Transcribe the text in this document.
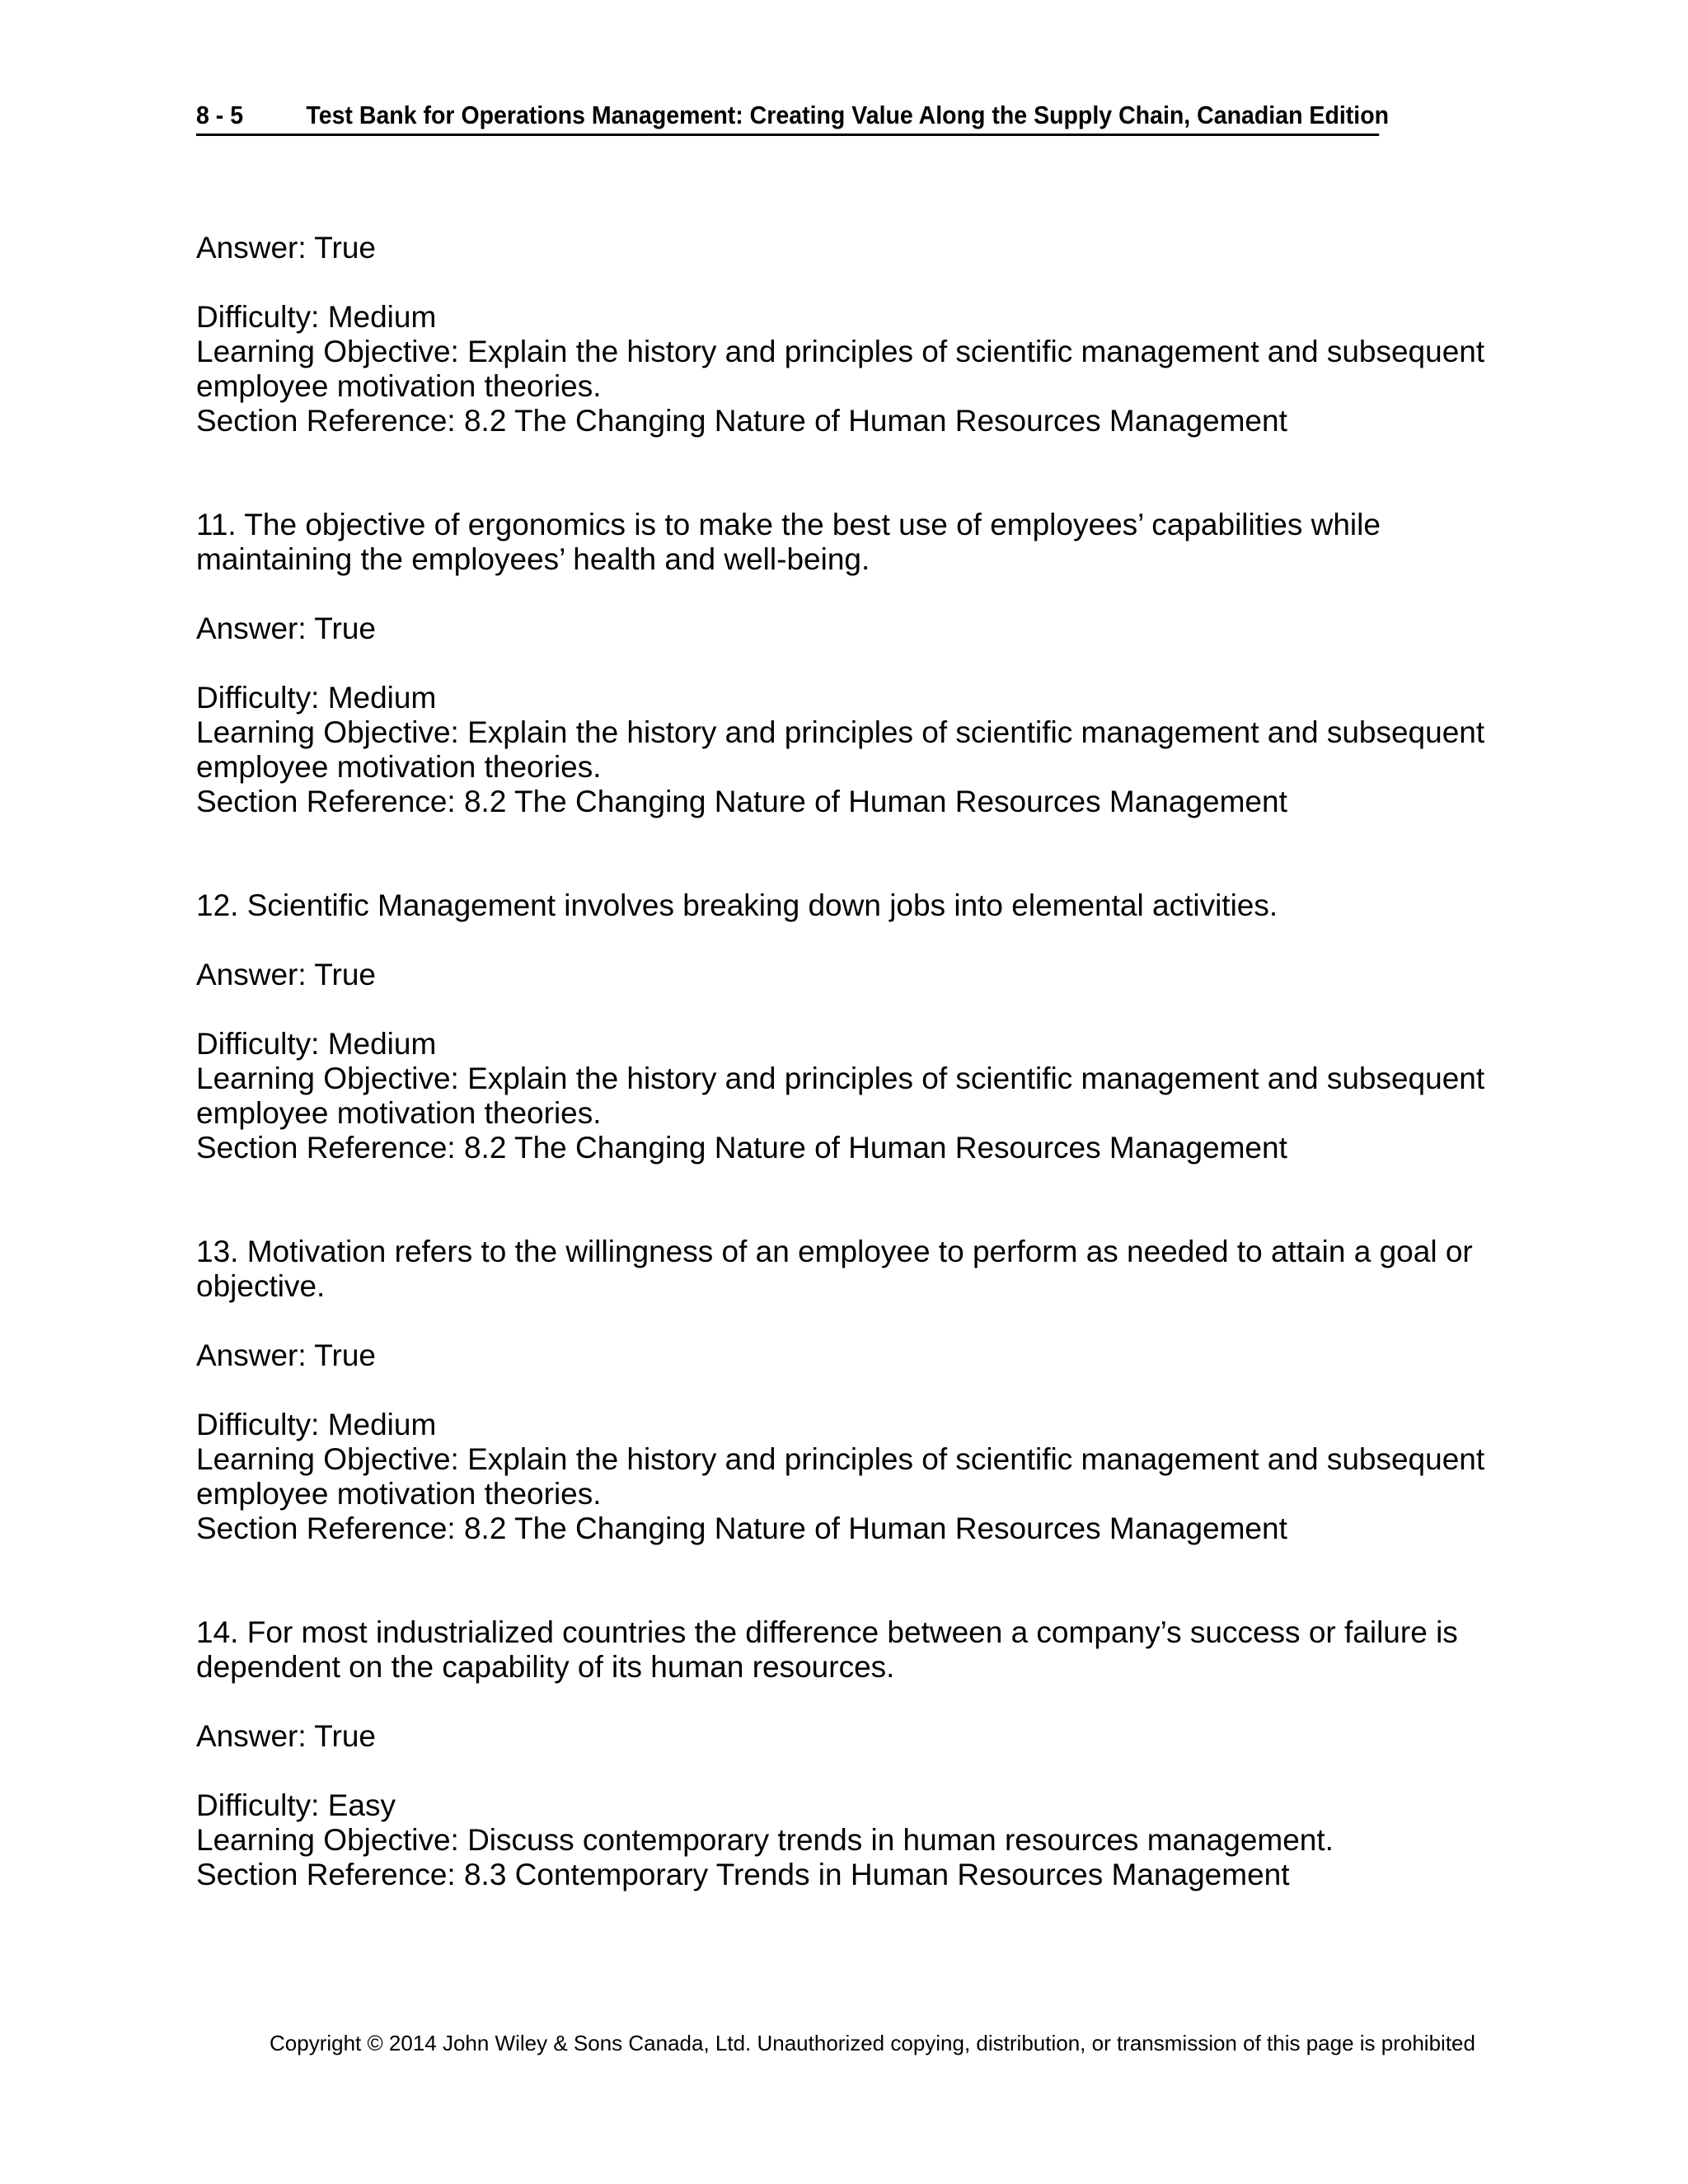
8 - 5 Test Bank for Operations Management: Creating Value Along the Supply Chain, Canadian Edition
Answer: True
Difficulty: Medium
Learning Objective: Explain the history and principles of scientific management and subsequent
employee motivation theories.
Section Reference: 8.2 The Changing Nature of Human Resources Management
11. The objective of ergonomics is to make the best use of employees’ capabilities while
maintaining the employees’ health and well-being.
Answer: True
Difficulty: Medium
Learning Objective: Explain the history and principles of scientific management and subsequent
employee motivation theories.
Section Reference: 8.2 The Changing Nature of Human Resources Management
12. Scientific Management involves breaking down jobs into elemental activities.
Answer: True
Difficulty: Medium
Learning Objective: Explain the history and principles of scientific management and subsequent
employee motivation theories.
Section Reference: 8.2 The Changing Nature of Human Resources Management
13. Motivation refers to the willingness of an employee to perform as needed to attain a goal or
objective.
Answer: True
Difficulty: Medium
Learning Objective: Explain the history and principles of scientific management and subsequent
employee motivation theories.
Section Reference: 8.2 The Changing Nature of Human Resources Management
14. For most industrialized countries the difference between a company’s success or failure is
dependent on the capability of its human resources.
Answer: True
Difficulty: Easy
Learning Objective: Discuss contemporary trends in human resources management.
Section Reference: 8.3 Contemporary Trends in Human Resources Management
Copyright © 2014 John Wiley & Sons Canada, Ltd. Unauthorized copying, distribution, or transmission of this page is prohibited
